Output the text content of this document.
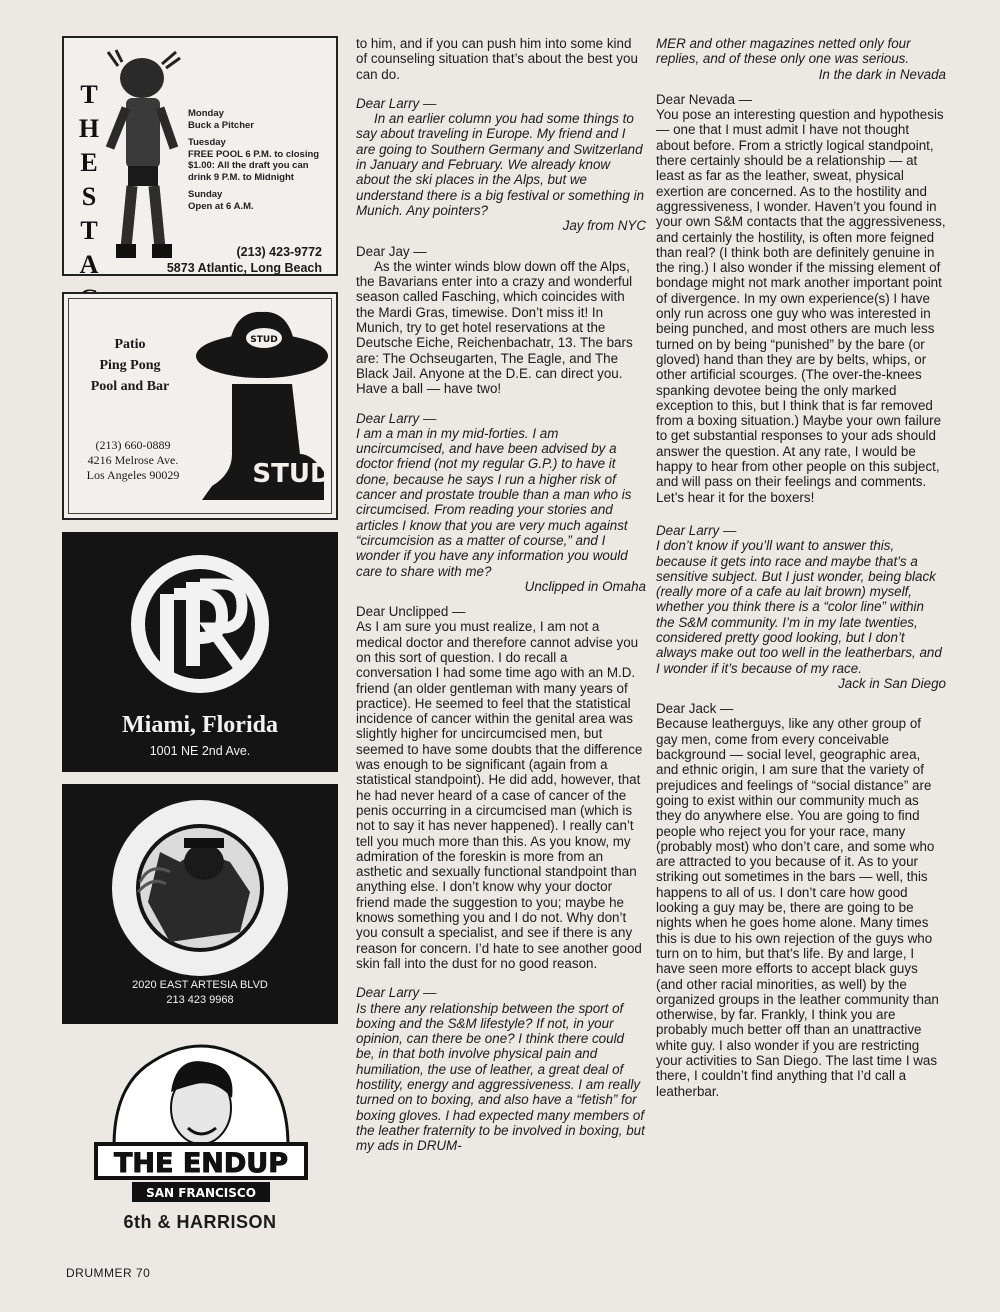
T
H
E
S
T
A

Monday
Buck a Pitcher

Tuesday
FREE POOL 6 P.M. to closing $1.00: All the draft you can drink 9 P.M. to Midnight

Sunday
Open at 6 A.M.

(213) 423-9772
5873 Atlantic, Long Beach
Patio
Ping Pong
Pool and Bar
(213) 660-0889
4216 Melrose Ave.
Los Angeles 90029
STUD
STUD
Miami, Florida
1001 NE 2nd Ave.
2020 EAST ARTESIA BLVD
213 423 9968
THE ENDUP
SAN FRANCISCO
6th & HARRISON
DRUMMER 70

to him, and if you can push him into some kind of counseling situation that’s about the best you can do.

Dear Larry —

In an earlier column you had some things to say about traveling in Europe. My friend and I are going to Southern Germany and Switzerland in January and February. We already know about the ski places in the Alps, but we understand there is a big festival or something in Munich. Any pointers?

Jay from NYC

Dear Jay —

As the winter winds blow down off the Alps, the Bavarians enter into a crazy and wonderful season called Fasching, which coincides with the Mardi Gras, timewise. Don’t miss it! In Munich, try to get hotel reservations at the Deutsche Eiche, Reichenbachatr, 13. The bars are: The Ochseugarten, The Eagle, and The Black Jail. Anyone at the D.E. can direct you. Have a ball — have two!

Dear Larry —

I am a man in my mid-forties. I am uncircumcised, and have been advised by a doctor friend (not my regular G.P.) to have it done, because he says I run a higher risk of cancer and prostate trouble than a man who is circumcised. From reading your stories and articles I know that you are very much against “circumcision as a matter of course,” and I wonder if you have any information you would care to share with me?

Unclipped in Omaha

Dear Unclipped —

As I am sure you must realize, I am not a medical doctor and therefore cannot advise you on this sort of question. I do recall a conversation I had some time ago with an M.D. friend (an older gentleman with many years of practice). He seemed to feel that the statistical incidence of cancer within the genital area was slightly higher for uncircumcised men, but seemed to have some doubts that the difference was enough to be significant (again from a statistical standpoint). He did add, however, that he had never heard of a case of cancer of the penis occurring in a circumcised man (which is not to say it has never happened). I really can’t tell you much more than this. As you know, my admiration of the foreskin is more from an asthetic and sexually functional standpoint than anything else. I don’t know why your doctor friend made the suggestion to you; maybe he knows something you and I do not. Why don’t you consult a specialist, and see if there is any reason for concern. I’d hate to see another good skin fall into the dust for no good reason.

Dear Larry —

Is there any relationship between the sport of boxing and the S&M lifestyle? If not, in your opinion, can there be one? I think there could be, in that both involve physical pain and humiliation, the use of leather, a great deal of hostility, energy and aggressiveness. I am really turned on to boxing, and also have a “fetish” for boxing gloves. I had expected many members of the leather fraternity to be involved in boxing, but my ads in DRUM-

MER and other magazines netted only four replies, and of these only one was serious.

In the dark in Nevada

Dear Nevada —

You pose an interesting question and hypothesis — one that I must admit I have not thought about before. From a strictly logical standpoint, there certainly should be a relationship — at least as far as the leather, sweat, physical exertion are concerned. As to the hostility and aggressiveness, I wonder. Haven’t you found in your own S&M contacts that the aggressiveness, and certainly the hostility, is often more feigned than real? (I think both are definitely genuine in the ring.) I also wonder if the missing element of bondage might not mark another important point of divergence. In my own experience(s) I have only run across one guy who was interested in being punched, and most others are much less turned on by being “punished” by the bare (or gloved) hand than they are by belts, whips, or other artificial scourges. (The over-the-knees spanking devotee being the only marked exception to this, but I think that is far removed from a boxing situation.) Maybe your own failure to get substantial responses to your ads should answer the question. At any rate, I would be happy to hear from other people on this subject, and will pass on their feelings and comments. Let’s hear it for the boxers!

Dear Larry —

I don’t know if you’ll want to answer this, because it gets into race and maybe that’s a sensitive subject. But I just wonder, being black (really more of a cafe au lait brown) myself, whether you think there is a “color line” within the S&M community. I’m in my late twenties, considered pretty good looking, but I don’t always make out too well in the leatherbars, and I wonder if it’s because of my race.

Jack in San Diego

Dear Jack —

Because leatherguys, like any other group of gay men, come from every conceivable background — social level, geographic area, and ethnic origin, I am sure that the variety of prejudices and feelings of “social distance” are going to exist within our community much as they do anywhere else. You are going to find people who reject you for your race, many (probably most) who don’t care, and some who are attracted to you because of it. As to your striking out sometimes in the bars — well, this happens to all of us. I don’t care how good looking a guy may be, there are going to be nights when he goes home alone. Many times this is due to his own rejection of the guys who turn on to him, but that’s life. By and large, I have seen more efforts to accept black guys (and other racial minorities, as well) by the organized groups in the leather community than otherwise, by far. Frankly, I think you are probably much better off than an unattractive white guy. I also wonder if you are restricting your activities to San Diego. The last time I was there, I couldn’t find anything that I’d call a leatherbar.
